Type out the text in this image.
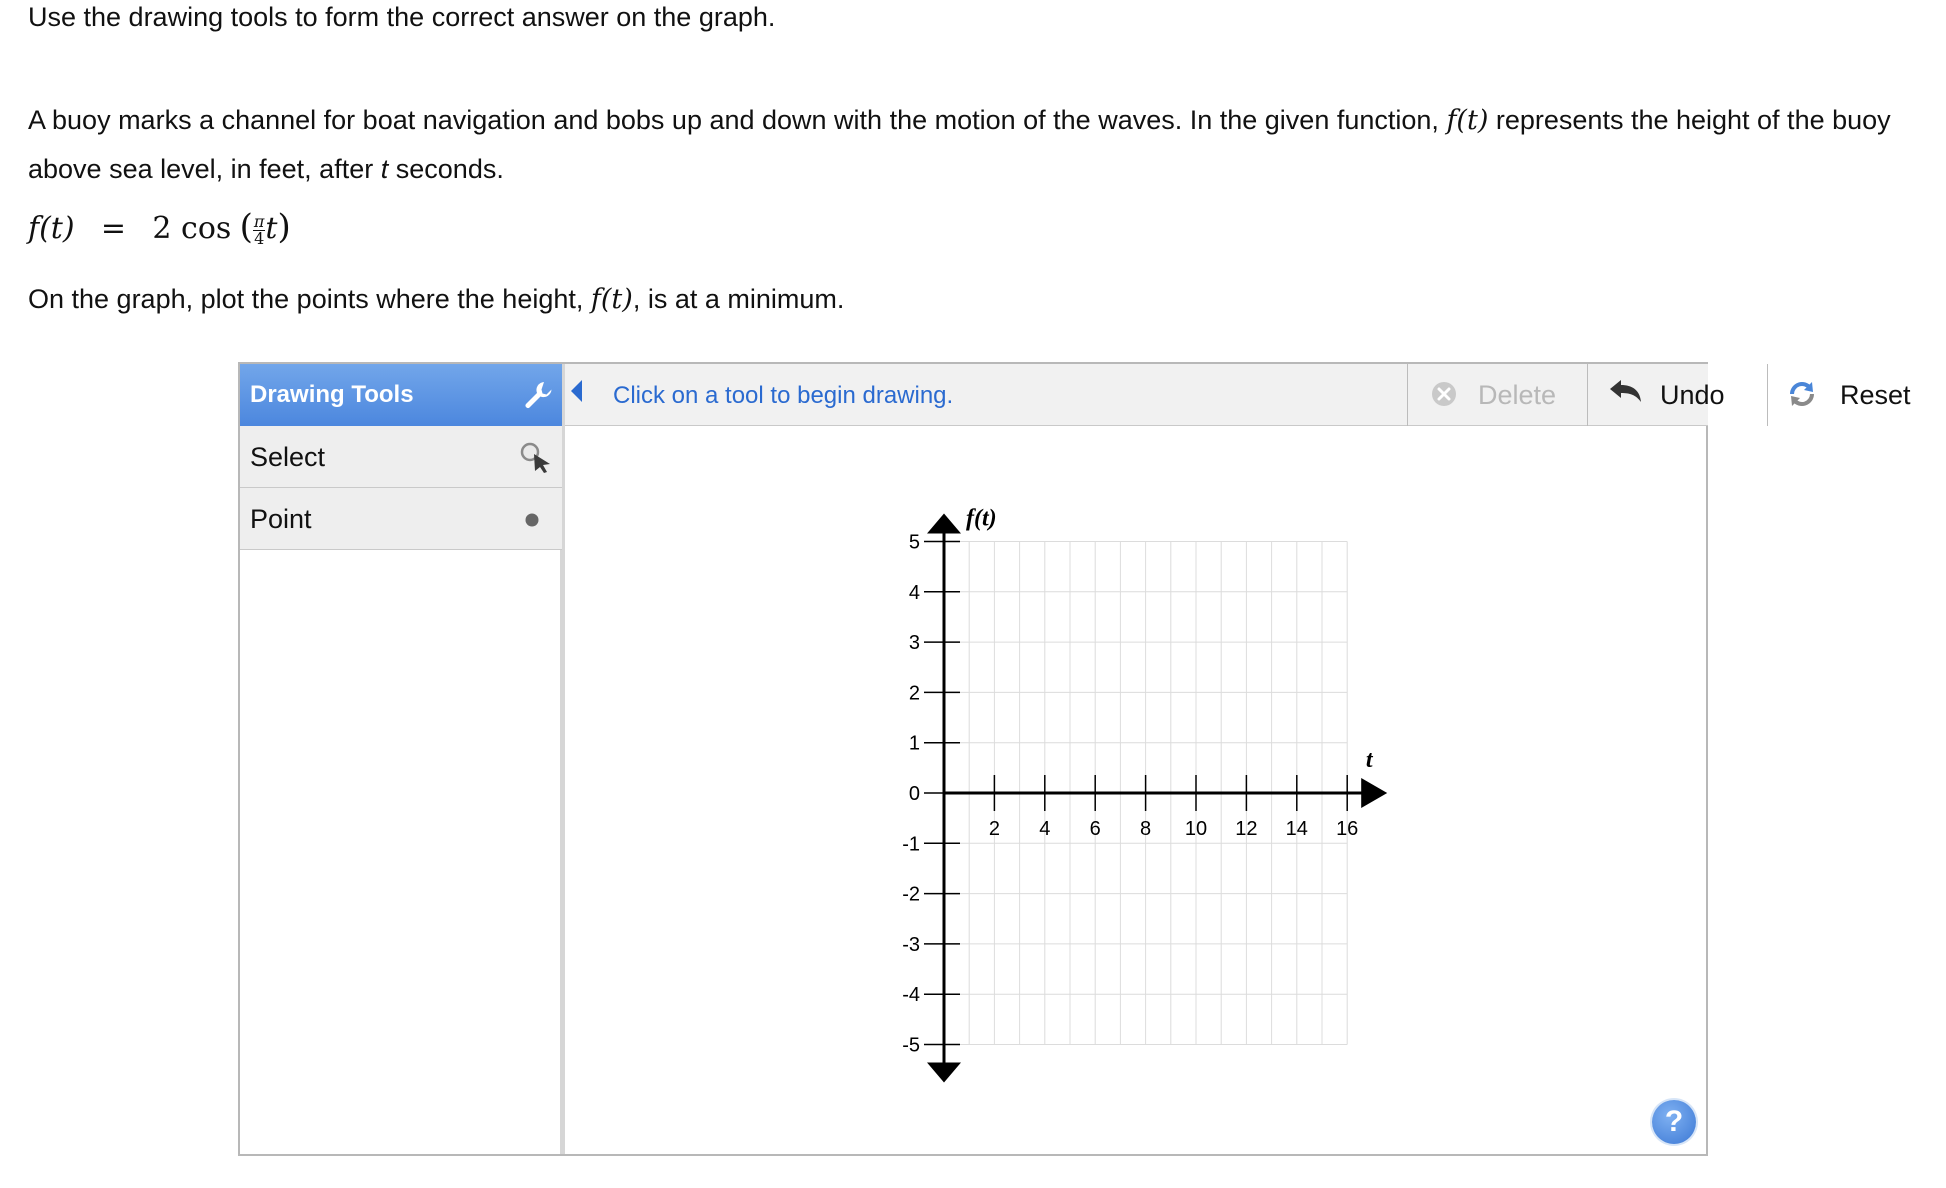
Use the drawing tools to form the correct answer on the graph.
A buoy marks a channel for boat navigation and bobs up and down with the motion of the waves. In the given function, f(t) represents the height of the buoy above sea level, in feet, after t seconds.
f(t) = 2 cos ( $\frac{\pi}{4} t$)
On the graph, plot the points where the height, f(t), is at a minimum.
Drawing Tools
Select
Point
Click on a tool to begin drawing.	Delete	Undo	Reset
5
4
3
2
1
0
-1
-2
-3
-4
-5
2 4 6 8 10 12 14 16
f(t)
t
?
